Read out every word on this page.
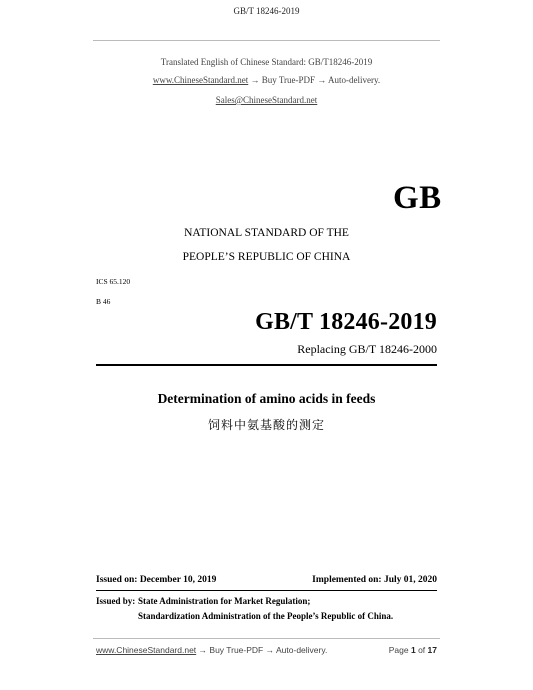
GB/T 18246-2019
Translated English of Chinese Standard: GB/T18246-2019
www.ChineseStandard.net → Buy True-PDF → Auto-delivery.
Sales@ChineseStandard.net
GB
NATIONAL STANDARD OF THE
PEOPLE’S REPUBLIC OF CHINA
ICS 65.120
B 46
GB/T 18246-2019
Replacing GB/T 18246-2000
Determination of amino acids in feeds
饲料中氨基酸的测定
Issued on: December 10, 2019	Implemented on: July 01, 2020
Issued by: State Administration for Market Regulation;
Standardization Administration of the People’s Republic of China.
www.ChineseStandard.net → Buy True-PDF → Auto-delivery.	Page 1 of 17
